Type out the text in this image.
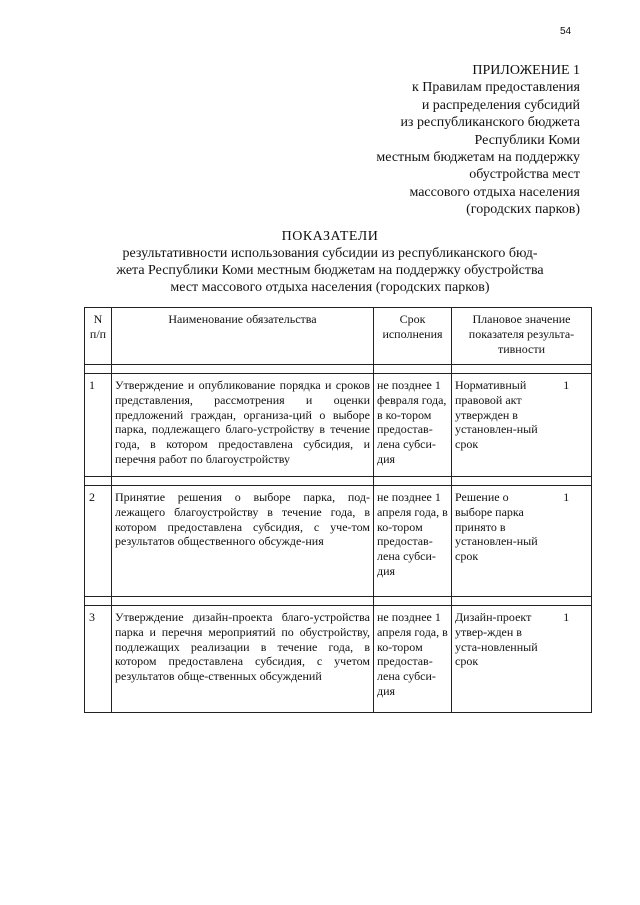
54
ПРИЛОЖЕНИЕ 1
к Правилам предоставления
и распределения субсидий
из республиканского бюджета
Республики Коми
местным бюджетам на поддержку
обустройства мест
массового отдыха населения
(городских парков)
ПОКАЗАТЕЛИ
результативности использования субсидии из республиканского бюд-
жета Республики Коми местным бюджетам на поддержку обустройства
мест массового отдыха населения (городских парков)
N п/п	Наименование обязательства	Срок исполнения	Плановое значение показателя результа-тивности	

1	Утверждение и опубликование порядка и сроков представления, рассмотрения и оценки предложений граждан, организа-ций о выборе парка, подлежащего благо-устройству в течение года, в котором предоставлена субсидия, и перечня работ по благоустройству	не позднее 1 февраля года, в ко-тором предостав-лена субси-дия	Нормативный правовой акт утвержден в установлен-ный срок	1

2	Принятие решения о выборе парка, под-лежащего благоустройству в течение года, в котором предоставлена субсидия, с уче-том результатов общественного обсужде-ния	не позднее 1 апреля года, в ко-тором предостав-лена субси-дия	Решение о выборе парка принято в установлен-ный срок	1

3	Утверждение дизайн-проекта благо-устройства парка и перечня мероприятий по обустройству, подлежащих реализации в течение года, в котором предоставлена субсидия, с учетом результатов обще-ственных обсуждений	не позднее 1 апреля года, в ко-тором предостав-лена субси-дия	Дизайн-проект утвер-жден в уста-новленный срок	1
